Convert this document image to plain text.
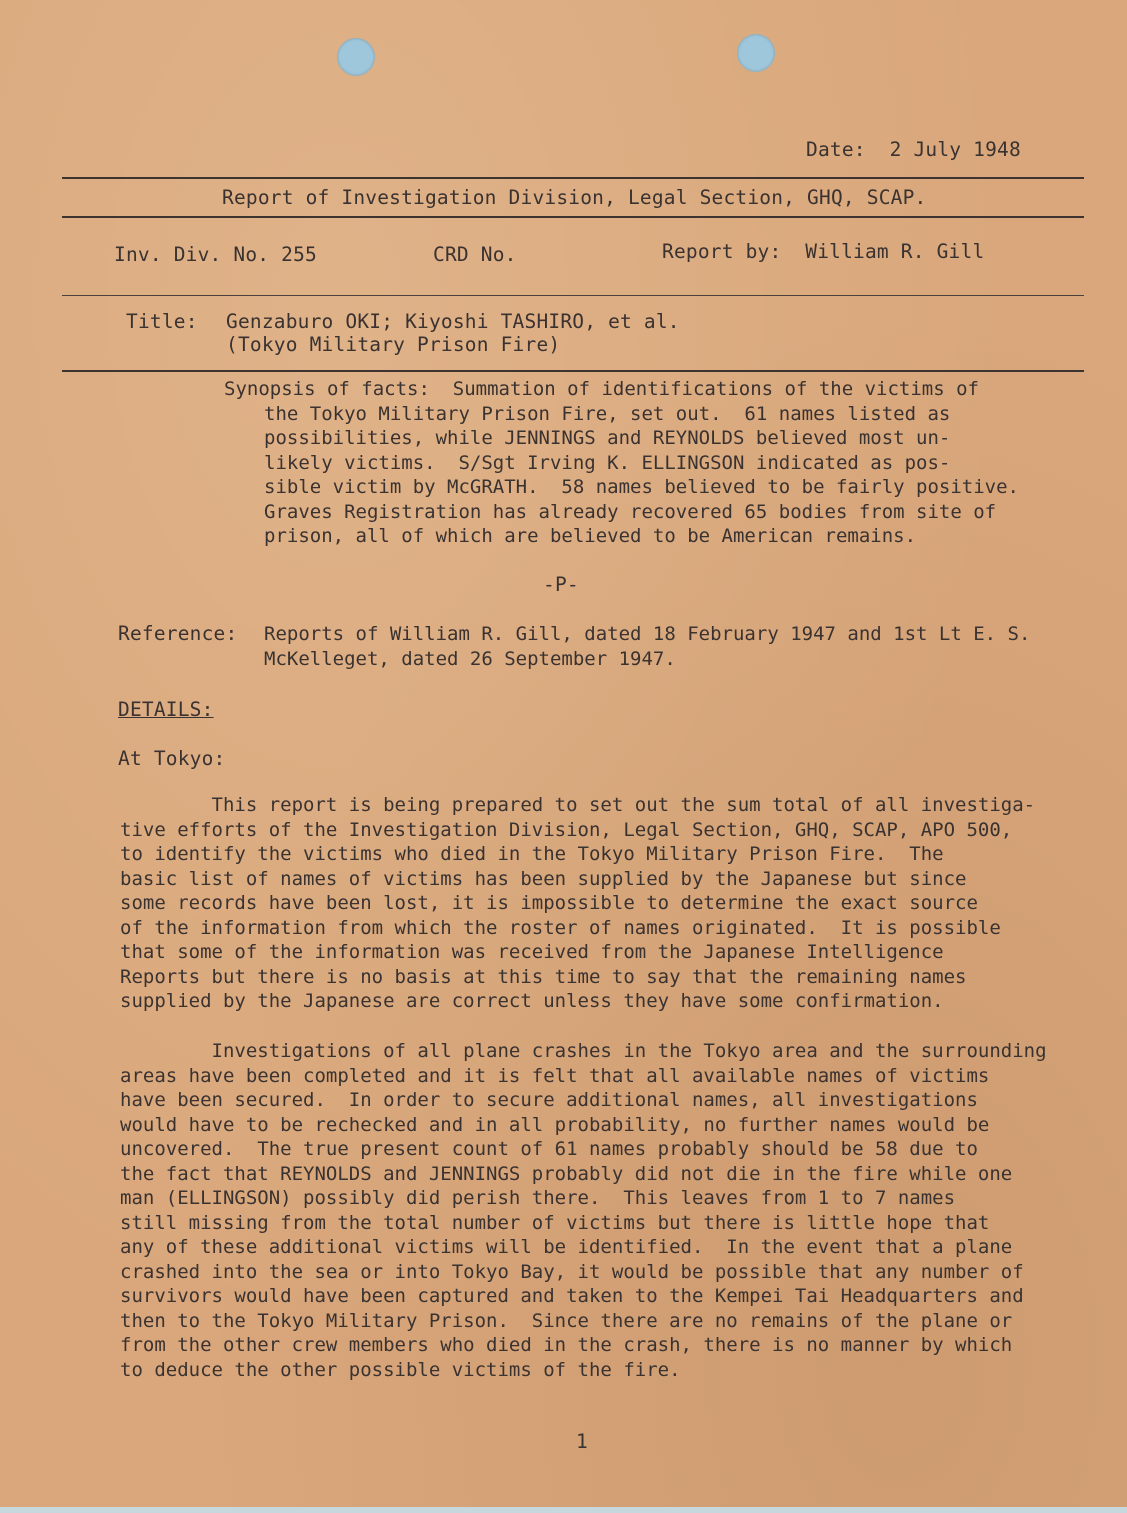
Date:  2 July 1948
Report of Investigation Division, Legal Section, GHQ, SCAP.
Inv. Div. No. 255	CRD No.	Report by:  William R. Gill
Title: Genzaburo OKI; Kiyoshi TASHIRO, et al.
(Tokyo Military Prison Fire)
Synopsis of facts:  Summation of identifications of the victims of
the Tokyo Military Prison Fire, set out.  61 names listed as
possibilities, while JENNINGS and REYNOLDS believed most un-
likely victims.  S/Sgt Irving K. ELLINGSON indicated as pos-
sible victim by McGRATH.  58 names believed to be fairly positive.
Graves Registration has already recovered 65 bodies from site of
prison, all of which are believed to be American remains.
-P-
Reference: Reports of William R. Gill, dated 18 February 1947 and 1st Lt E. S.
McKelleget, dated 26 September 1947.
DETAILS:
At Tokyo:
This report is being prepared to set out the sum total of all investiga-
tive efforts of the Investigation Division, Legal Section, GHQ, SCAP, APO 500,
to identify the victims who died in the Tokyo Military Prison Fire.  The
basic list of names of victims has been supplied by the Japanese but since
some records have been lost, it is impossible to determine the exact source
of the information from which the roster of names originated.  It is possible
that some of the information was received from the Japanese Intelligence
Reports but there is no basis at this time to say that the remaining names
supplied by the Japanese are correct unless they have some confirmation.
Investigations of all plane crashes in the Tokyo area and the surrounding
areas have been completed and it is felt that all available names of victims
have been secured.  In order to secure additional names, all investigations
would have to be rechecked and in all probability, no further names would be
uncovered.  The true present count of 61 names probably should be 58 due to
the fact that REYNOLDS and JENNINGS probably did not die in the fire while one
man (ELLINGSON) possibly did perish there.  This leaves from 1 to 7 names
still missing from the total number of victims but there is little hope that
any of these additional victims will be identified.  In the event that a plane
crashed into the sea or into Tokyo Bay, it would be possible that any number of
survivors would have been captured and taken to the Kempei Tai Headquarters and
then to the Tokyo Military Prison.  Since there are no remains of the plane or
from the other crew members who died in the crash, there is no manner by which
to deduce the other possible victims of the fire.
1
